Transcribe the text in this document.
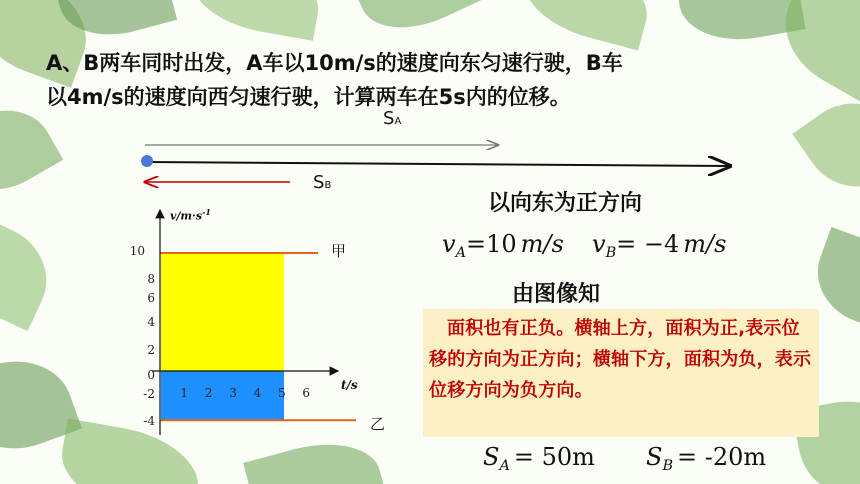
A、B两车同时出发，A车以10m/s的速度向东匀速行驶，B车
以4m/s的速度向西匀速行驶，计算两车在5s内的位移。
SA
SB
以向东为正方向
$v_A=10$ m/s $v_B= -4$ m/s
由图像知
面积也有正负。横轴上方，面积为正,表示位移的方向为正方向；横轴下方，面积为负，表示位移方向为负方向。
$S_A = 50m$ $S_B = -20m$
$v/m\cdot s^{-1}$
t/s
10
8
6
4
2
0
-2
-4
1 2 3 4 5 6
甲
乙
